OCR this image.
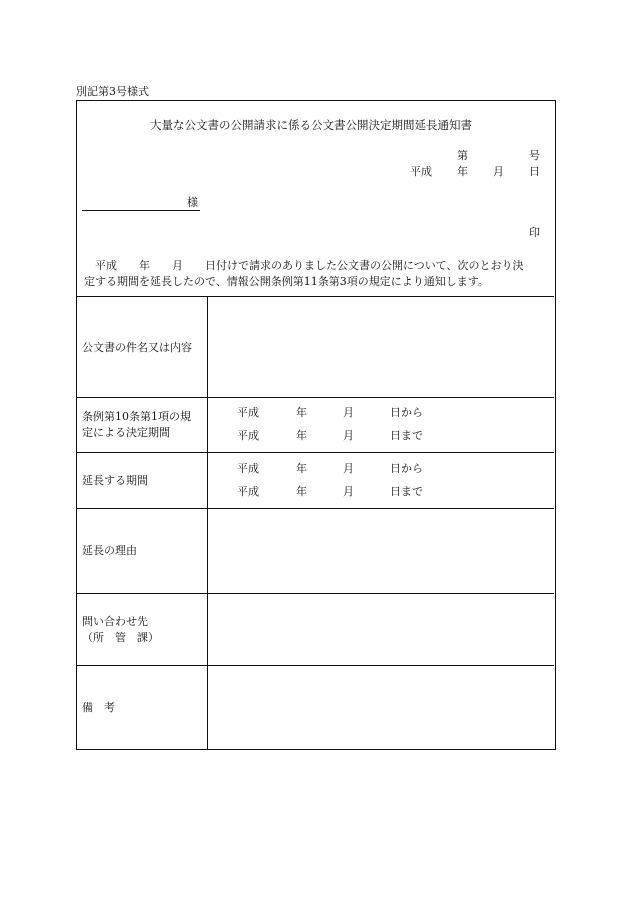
別記第3号様式
大量な公文書の公開請求に係る公文書公開決定期間延長通知書
第	号
平成 年 月 日
様
印
平成　　年　　月　　日付けで請求のありました公文書の公開について、次のとおり決
定する期間を延長したので、情報公開条例第11条第3項の規定により通知します。
公文書の件名又は内容
条例第10条第1項の規
定による決定期間
平成	年	月	日から
平成	年	月	日まで
延長する期間
平成	年	月	日から
平成	年	月	日まで
延長の理由
問い合わせ先
（所　管　課）
備　考
